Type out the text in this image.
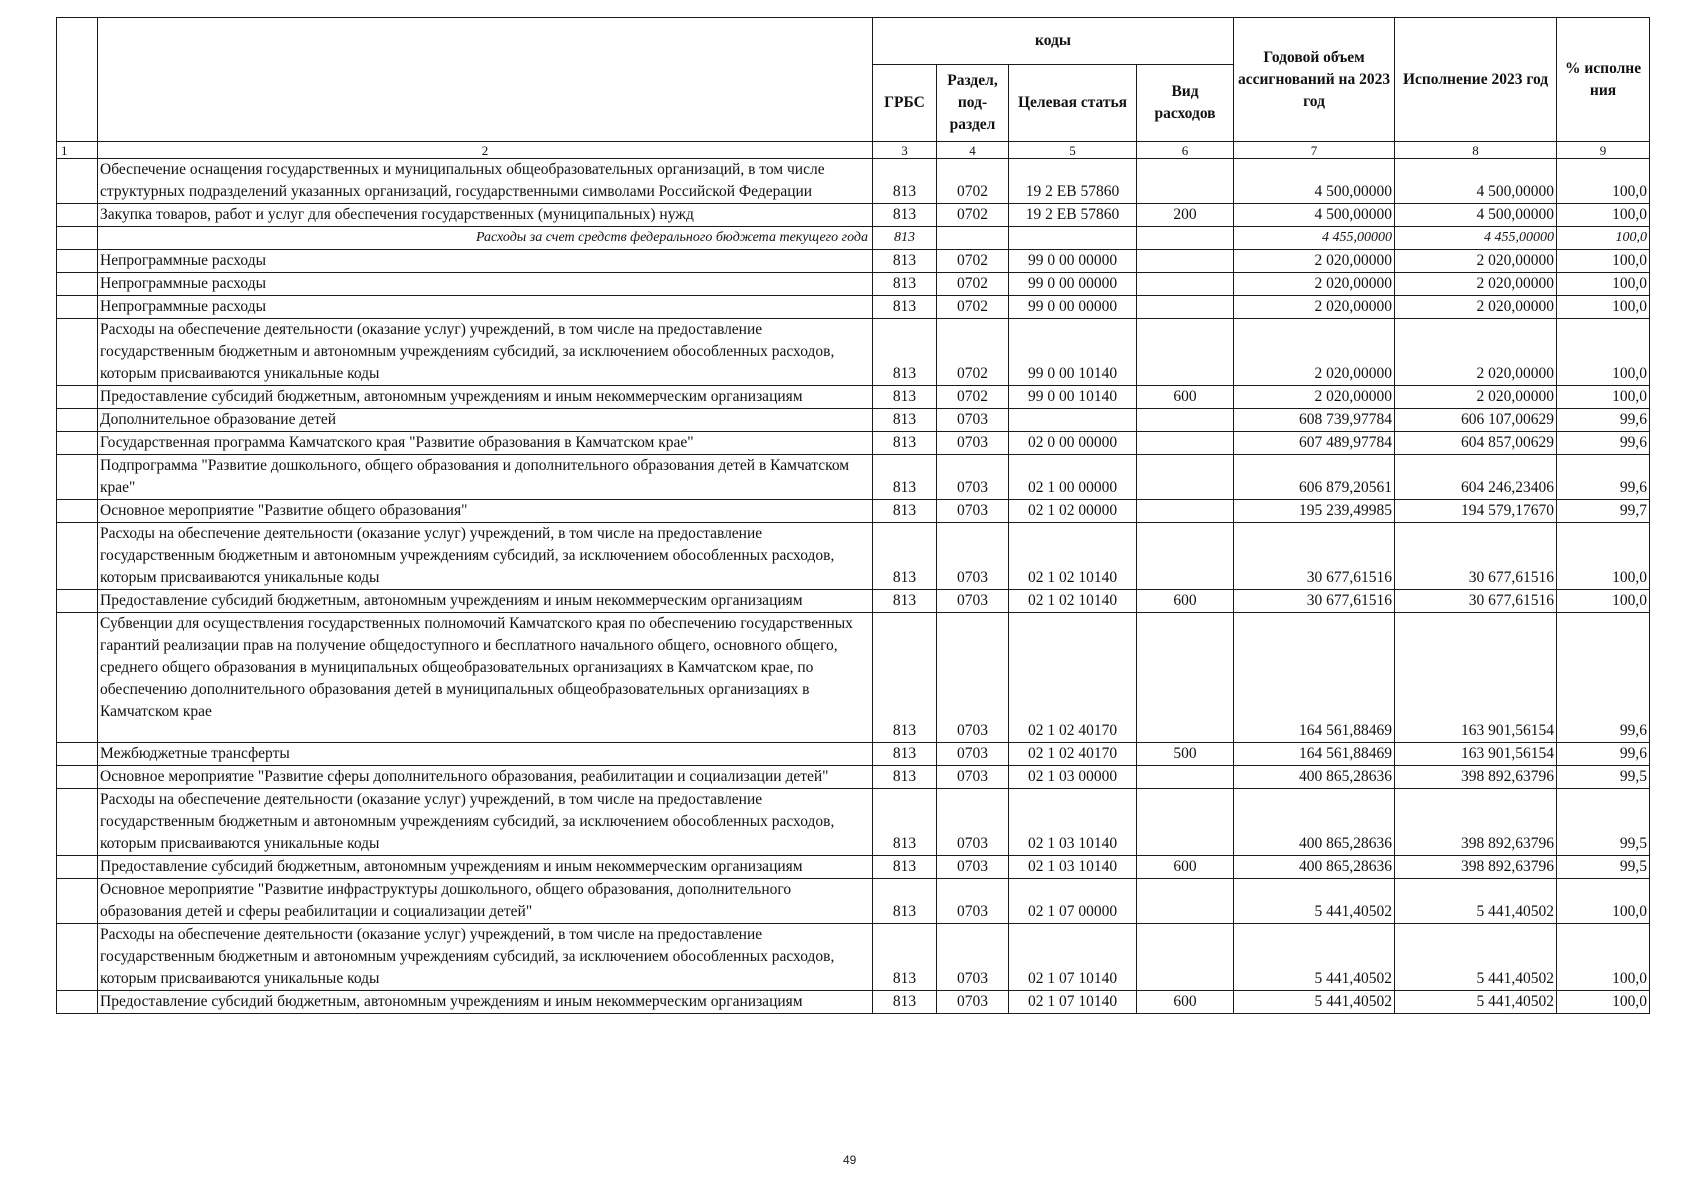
		коды				Годовой объем ассигнований на 2023 год	Исполнение 2023 год	% исполне ния
		ГРБС	Раздел, под-раздел	Целевая статья	Вид расходов			
1	2	3	4	5	6	7	8	9
	Обеспечение оснащения государственных и муниципальных общеобразовательных организаций, в том числе структурных подразделений указанных организаций, государственными символами Российской Федерации	813	0702	19 2 ЕВ 57860		4 500,00000	4 500,00000	100,0
	Закупка товаров, работ и услуг для обеспечения государственных (муниципальных) нужд	813	0702	19 2 ЕВ 57860	200	4 500,00000	4 500,00000	100,0
	Расходы за счет средств федерального бюджета текущего года	813				4 455,00000	4 455,00000	100,0
	Непрограммные расходы	813	0702	99 0 00 00000		2 020,00000	2 020,00000	100,0
	Непрограммные расходы	813	0702	99 0 00 00000		2 020,00000	2 020,00000	100,0
	Непрограммные расходы	813	0702	99 0 00 00000		2 020,00000	2 020,00000	100,0
	Расходы на обеспечение деятельности (оказание услуг) учреждений, в том числе на предоставление государственным бюджетным и автономным учреждениям субсидий, за исключением обособленных расходов, которым присваиваются уникальные коды	813	0702	99 0 00 10140		2 020,00000	2 020,00000	100,0
	Предоставление субсидий бюджетным, автономным учреждениям и иным некоммерческим организациям	813	0702	99 0 00 10140	600	2 020,00000	2 020,00000	100,0
	Дополнительное образование детей	813	0703			608 739,97784	606 107,00629	99,6
	Государственная программа Камчатского края "Развитие образования в Камчатском крае"	813	0703	02 0 00 00000		607 489,97784	604 857,00629	99,6
	Подпрограмма "Развитие дошкольного, общего образования и дополнительного образования детей в Камчатском крае"	813	0703	02 1 00 00000		606 879,20561	604 246,23406	99,6
	Основное мероприятие "Развитие общего образования"	813	0703	02 1 02 00000		195 239,49985	194 579,17670	99,7
	Расходы на обеспечение деятельности (оказание услуг) учреждений, в том числе на предоставление государственным бюджетным и автономным учреждениям субсидий, за исключением обособленных расходов, которым присваиваются уникальные коды	813	0703	02 1 02 10140		30 677,61516	30 677,61516	100,0
	Предоставление субсидий бюджетным, автономным учреждениям и иным некоммерческим организациям	813	0703	02 1 02 10140	600	30 677,61516	30 677,61516	100,0
	Субвенции для осуществления государственных полномочий Камчатского края по обеспечению государственных гарантий реализации прав на получение общедоступного и бесплатного начального общего, основного общего, среднего общего образования в муниципальных общеобразовательных организациях в Камчатском крае, по обеспечению дополнительного образования детей в муниципальных общеобразовательных организациях в Камчатском крае	813	0703	02 1 02 40170		164 561,88469	163 901,56154	99,6
	Межбюджетные трансферты	813	0703	02 1 02 40170	500	164 561,88469	163 901,56154	99,6
	Основное мероприятие "Развитие сферы дополнительного образования, реабилитации и социализации детей"	813	0703	02 1 03 00000		400 865,28636	398 892,63796	99,5
	Расходы на обеспечение деятельности (оказание услуг) учреждений, в том числе на предоставление государственным бюджетным и автономным учреждениям субсидий, за исключением обособленных расходов, которым присваиваются уникальные коды	813	0703	02 1 03 10140		400 865,28636	398 892,63796	99,5
	Предоставление субсидий бюджетным, автономным учреждениям и иным некоммерческим организациям	813	0703	02 1 03 10140	600	400 865,28636	398 892,63796	99,5
	Основное мероприятие "Развитие инфраструктуры дошкольного, общего образования, дополнительного образования детей и сферы реабилитации и социализации детей"	813	0703	02 1 07 00000		5 441,40502	5 441,40502	100,0
	Расходы на обеспечение деятельности (оказание услуг) учреждений, в том числе на предоставление государственным бюджетным и автономным учреждениям субсидий, за исключением обособленных расходов, которым присваиваются уникальные коды	813	0703	02 1 07 10140		5 441,40502	5 441,40502	100,0
	Предоставление субсидий бюджетным, автономным учреждениям и иным некоммерческим организациям	813	0703	02 1 07 10140	600	5 441,40502	5 441,40502	100,0
49
